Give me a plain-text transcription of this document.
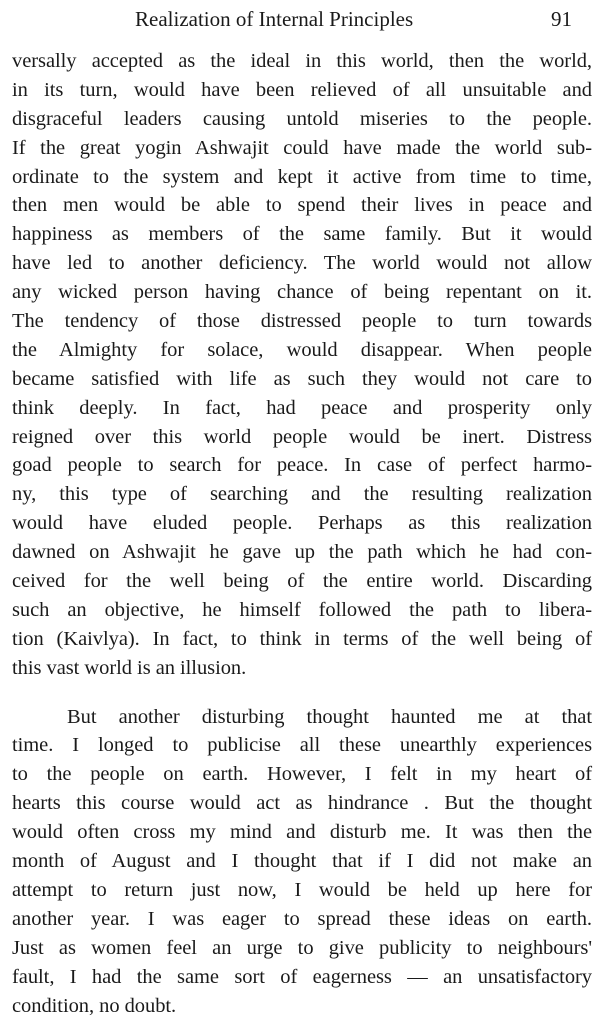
Realization of Internal Principles	91
versally accepted as the ideal in this world, then the world,
in its turn, would have been relieved of all unsuitable and
disgraceful leaders causing untold miseries to the people.
If the great yogin Ashwajit could have made the world sub-
ordinate to the system and kept it active from time to time,
then men would be able to spend their lives in peace and
happiness as members of the same family. But it would
have led to another deficiency. The world would not allow
any wicked person having chance of being repentant on it.
The tendency of those distressed people to turn towards
the Almighty for solace, would disappear. When people
became satisfied with life as such they would not care to
think deeply. In fact, had peace and prosperity only
reigned over this world people would be inert. Distress
goad people to search for peace. In case of perfect harmo-
ny, this type of searching and the resulting realization
would have eluded people. Perhaps as this realization
dawned on Ashwajit he gave up the path which he had con-
ceived for the well being of the entire world. Discarding
such an objective, he himself followed the path to libera-
tion (Kaivlya). In fact, to think in terms of the well being of
this vast world is an illusion.
But another disturbing thought haunted me at that
time. I longed to publicise all these unearthly experiences
to the people on earth. However, I felt in my heart of
hearts this course would act as hindrance . But the thought
would often cross my mind and disturb me. It was then the
month of August and I thought that if I did not make an
attempt to return just now, I would be held up here for
another year. I was eager to spread these ideas on earth.
Just as women feel an urge to give publicity to neighbours'
fault, I had the same sort of eagerness — an unsatisfactory
condition, no doubt.
